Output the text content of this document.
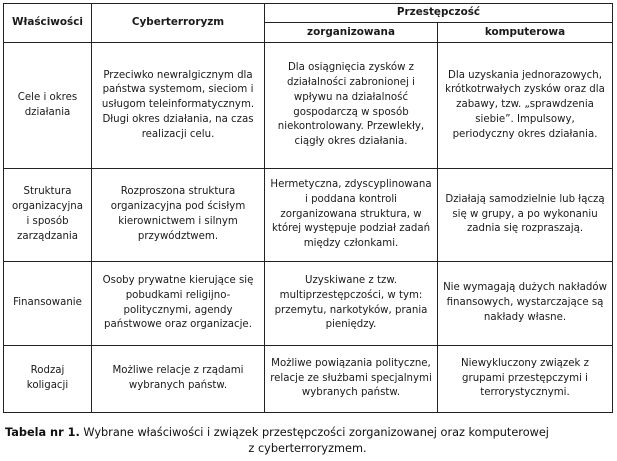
Właściwości	Cyberterroryzm	Przestępczość	
		zorganizowana	komputerowa
Cele i okres działania	Przeciwko newralgicznym dla państwa systemom, sieciom i usługom teleinformatycznym. Długi okres działania, na czas realizacji celu.	Dla osiągnięcia zysków z działalności zabronionej i wpływu na działalność gospodarczą w sposób niekontrolowany. Przewlekły, ciągły okres działania.	Dla uzyskania jednorazowych, krótkotrwałych zysków oraz dla zabawy, tzw. „sprawdzenia siebie”. Impulsowy, periodyczny okres działania.
Struktura organizacyjna i sposób zarządzania	Rozproszona struktura organizacyjna pod ścisłym kierownictwem i silnym przywództwem.	Hermetyczna, zdyscyplinowana i poddana kontroli zorganizowana struktura, w której występuje podział zadań między członkami.	Działają samodzielnie lub łączą się w grupy, a po wykonaniu zadnia się rozpraszają.
Finansowanie	Osoby prywatne kierujące się pobudkami religijno-politycznymi, agendy państwowe oraz organizacje.	Uzyskiwane z tzw. multiprzestępczości, w tym: przemytu, narkotyków, prania pieniędzy.	Nie wymagają dużych nakładów finansowych, wystarczające są nakłady własne.
Rodzaj koligacji	Możliwe relacje z rządami wybranych państw.	Możliwe powiązania polityczne, relacje ze służbami specjalnymi wybranych państw.	Niewykluczony związek z grupami przestępczymi i terrorystycznymi.
Tabela nr 1. Wybrane właściwości i związek przestępczości zorganizowanej oraz komputerowej
z cyberterroryzmem.
